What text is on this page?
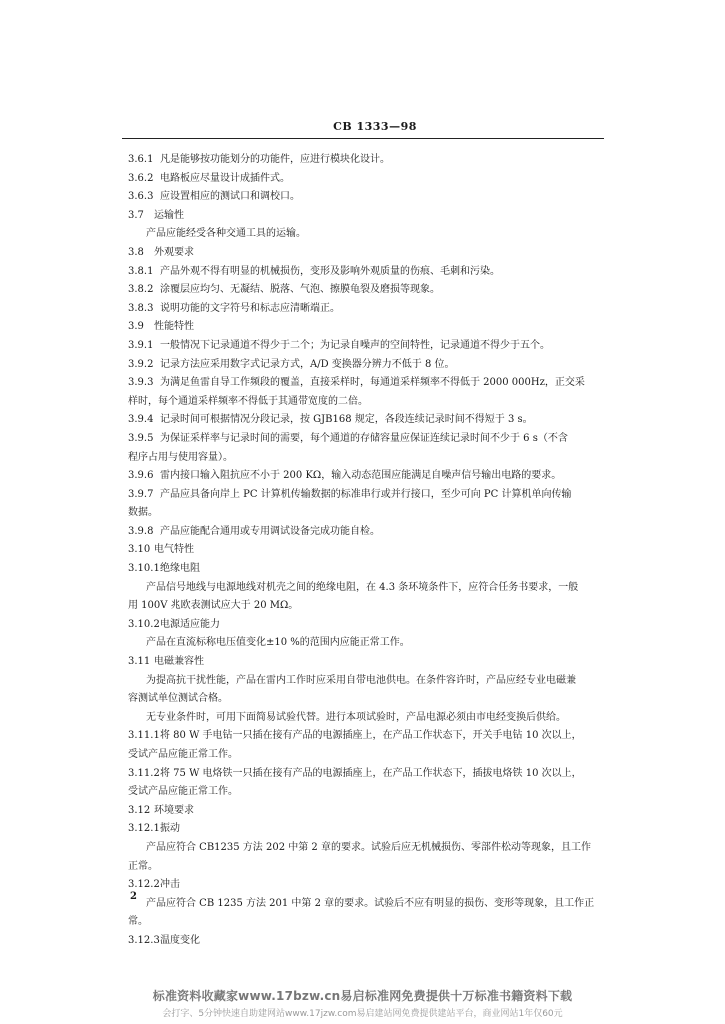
CB 1333—98

3.6.1 凡是能够按功能划分的功能件，应进行模块化设计。

3.6.2 电路板应尽量设计成插件式。

3.6.3 应设置相应的测试口和调校口。

3.7 运输性

产品应能经受各种交通工具的运输。

3.8 外观要求

3.8.1 产品外观不得有明显的机械损伤，变形及影响外观质量的伤痕、毛刺和污染。

3.8.2 涂覆层应均匀、无凝结、脱落、气泡、擦膜龟裂及磨损等现象。

3.8.3 说明功能的文字符号和标志应清晰端正。

3.9 性能特性

3.9.1 一般情况下记录通道不得少于二个；为记录自噪声的空间特性，记录通道不得少于五个。

3.9.2 记录方法应采用数字式记录方式，A/D 变换器分辨力不低于 8 位。

3.9.3 为满足鱼雷自导工作频段的覆盖，直接采样时，每通道采样频率不得低于 2000 000Hz，正交采

样时，每个通道采样频率不得低于其通带宽度的二倍。

3.9.4 记录时间可根据情况分段记录，按 GJB168 规定，各段连续记录时间不得短于 3 s。

3.9.5 为保证采样率与记录时间的需要，每个通道的存储容量应保证连续记录时间不少于 6 s（不含

程序占用与使用容量）。

3.9.6 雷内接口输入阻抗应不小于 200 KΩ，输入动态范围应能满足自噪声信号输出电路的要求。

3.9.7 产品应具备向岸上 PC 计算机传输数据的标准串行或并行接口，至少可向 PC 计算机单向传输

数据。

3.9.8 产品应能配合通用或专用调试设备完成功能自检。

3.10 电气特性

3.10.1绝缘电阻

产品信号地线与电源地线对机壳之间的绝缘电阻，在 4.3 条环境条件下，应符合任务书要求，一般

用 100V 兆欧表测试应大于 20 MΩ。

3.10.2电源适应能力

产品在直流标称电压值变化±10 %的范围内应能正常工作。

3.11 电磁兼容性

为提高抗干扰性能，产品在雷内工作时应采用自带电池供电。在条件容许时，产品应经专业电磁兼

容测试单位测试合格。

无专业条件时，可用下面简易试验代替。进行本项试验时，产品电源必须由市电经变换后供给。

3.11.1将 80 W 手电钻一只插在接有产品的电源插座上，在产品工作状态下，开关手电钻 10 次以上，

受试产品应能正常工作。

3.11.2将 75 W 电烙铁一只插在接有产品的电源插座上，在产品工作状态下，插拔电烙铁 10 次以上，

受试产品应能正常工作。

3.12 环境要求

3.12.1振动

产品应符合 CB1235 方法 202 中第 2 章的要求。试验后应无机械损伤、零部件松动等现象，且工作

正常。

3.12.2冲击

产品应符合 CB 1235 方法 201 中第 2 章的要求。试验后不应有明显的损伤、变形等现象，且工作正

常。

3.12.3温度变化

2
标准资料收藏家www.17bzw.cn易启标准网免费提供十万标准书籍资料下载
会打字、5分钟快速自助建网站www.17jzw.com易启建站网免费提供建站平台，商业网站1年仅60元
